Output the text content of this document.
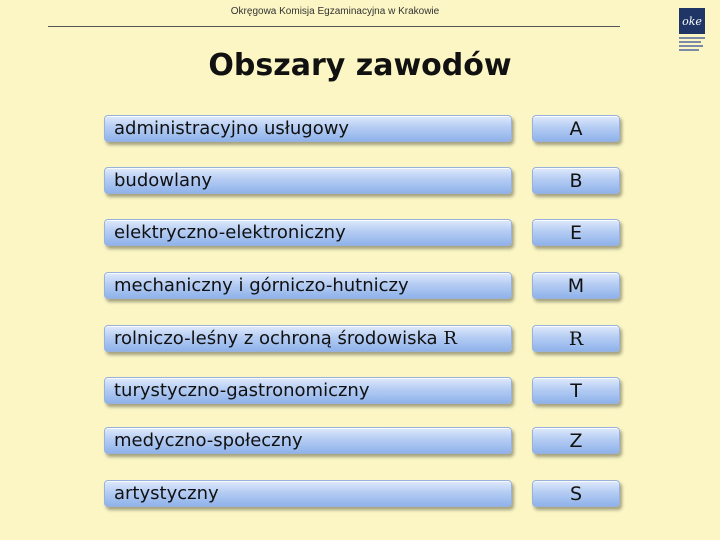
Okręgowa Komisja Egzaminacyjna w Krakowie
oke
Obszary zawodów
administracyjno usługowy	A
budowlany	B
elektryczno-elektroniczny	E
mechaniczny i górniczo-hutniczy	M
rolniczo-leśny z ochroną środowiska R	R
turystyczno-gastronomiczny	T
medyczno-społeczny	Z
artystyczny	S
